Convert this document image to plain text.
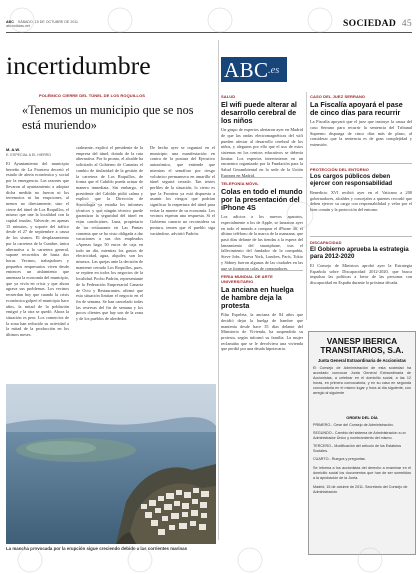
ABC SÁBADO, 15 DE OCTUBRE DE 2011
abcnoticias.net	SOCIEDAD 45
incertidumbre	ABC .es
POLÉMICO CIERRE DEL TÚNEL DE LOS ROQUILLOS
«Tenemos un municipio que se nos está muriendo»
M. A.W.
E. ESPECIAL A EL HIERRO

El Ayuntamiento del municipio herreño de La Frontera decretó el estado de alerta económica y social por la emergencia. Las razones que llevaron al ayuntamiento a adoptar dicha medida no fueron ni los terremotos ni las erupciones, al menos no directamente, sino el cierre del túnel de Los Roquillos, el mismo que une la localidad con la capital insular, Valverde, en apenas 15 minutos, y soporte del tráfico desde el 27 de septiembre a causa de los sismos. El desplazamiento por la carretera de la Cumbre, única alternativa a la carretera general, supone recorridos de hasta dos horas. Vecinos, trabajadores y pequeños empresarios viven desde entonces un aislamiento que amenaza la economía del municipio, que ya vivía en crisis y que ahora agrava sus problemas. Los vecinos recuerdan hoy que cuando la crisis económica golpeó el municipio hace años, la mitad de la población emigró y la otra se quedó. Ahora la situación es peor. Los comercios de la zona han reducido su actividad a la mitad de la producción en los últimos meses.

cialmente, explicó el presidente de la empresa del túnel, dotado de la ruta alternativa. Por lo pronto, el alcalde ha solicitado al Gobierno de Canarias el cambio de titularidad de la gestión de la carretera de Los Roquillos, de forma que el Cabildo pueda actuar de manera inmediata. Sin embargo, el presidente del Cabildo pidió calma y explicó que la Dirección de Sismología ya estudia los informes técnicos y que ningún técnico puede garantizar la seguridad del túnel en estas condiciones. Luna, propietario de un restaurante en Las Puntas comenta que se ha visto obligada a dar vacaciones a sus dos empleados «Apenas hago 50 euros de caja en todo un día, mientras los gastos de electricidad, agua, alquiler, son los mismos. Las quejas ante la decisión de mantener cerrado Los Roquillos, pues, se repiten en todos los negocios de la localidad. Pocho Padrón, representante de la Federación Empresarial Canaria de Ocio y Restaurantes, afirmó que esta situación limitan el negocio en el fin de semana. Se han cancelado todas las reservas del fin de semana y los pocos clientes que hay son de la zona y de los pueblos de alrededor.

De hecho ayer se organizó en el municipio una manifestación en contra de la postura del Ejecutivo autonómico, que entiende que mientras el semáforo por riesgo volcánico permanezca en amarillo el túnel seguirá cerrado. Tan tristes perfiles de la situación, lo cierto es que la Frontera ya está dispuesta a asumir los riesgos que podrían significar la reapertura del túnel para evitar la muerte de su economía. Los vecinos esperan una respuesta. Si el Gobierno canario no reconsidera su postura, temen que el pueblo siga vaciándose, advirtió Padrón.

La mancha provocada por la erupción sigue creciendo debido a las corrientes marinas
EFE
SALUD
El wifi puede alterar al desarrollo cerebral de los niños
Un grupo de expertos alertaron ayer en Madrid de que las ondas electromagnéticas del wifi pueden afectar al desarrollo cerebral de los niños, y alegaron por ello que el uso de estos sistemas en los centros educativos se debería limitar. Los expertos intervinieron en un encuentro organizado por la Fundación para la Salud Geoambiental en la sede de la Unión Europea en Madrid.
TELEFONÍA MÓVIL
Colas en todo el mundo por la presentación del iPhone 4S
Los adictos a los nuevos aparatos, especialmente a los de Apple, se lanzaron ayer en todo el mundo a comprar el iPhone 4S, el último teléfono de la marca de la manzana, que pasó días delante de las tiendas a la espera del lanzamiento del smartphone, tras el fallecimiento del fundador de la compañía, Steve Jobs. Nueva York, Londres, París, Tokio y Sídney fueron algunas de las ciudades en las que se formaron colas de compradores.
FERIA MUNDIAL DE ARTE UNIVERSITARIO
La anciana en huelga de hambre deja la protesta
Pilar Espeleta, la anciana de 84 años que decidió dejar la huelga de hambre que mantenía desde hace 35 días delante del Ministerio de Vivienda, ha suspendido su protesta, según informó su familia. La mujer reclamaba que se le devolviera una vivienda que perdió por una deuda hipotecaria.
CASO DEL JUEZ SERRANO
La Fiscalía apoyará el pase de cinco días para recurrir
La Fiscalía apoyará que el juez que instruye la causa del caso Serrano para recurrir la sentencia del Tribunal Supremo disponga de cinco días más de plazo, al considerar que la sentencia es de gran complejidad y extensión.
PROTECCIÓN DEL ENTORNO
Los cargos públicos deben ejercer con responsabilidad
Benedicto XVI recibió ayer en el Vaticano a 200 gobernadores, alcaldes y concejales a quienes recordó que deben ejercer su cargo con responsabilidad y velar por el bien común y la protección del entorno.
DISCAPACIDAD
El Gobierno aprueba la estrategia para 2012-2020
El Consejo de Ministros aprobó ayer la Estrategia Española sobre Discapacidad 2012-2020, que busca impulsar las políticas a favor de las personas con discapacidad en España durante la próxima década.
VANESP IBERICA TRANSITARIOS, S.A.
Junta General Extraordinaria de Accionistas
El Consejo de Administración de esta sociedad ha acordado convocar Junta General Extraordinaria de Accionistas, a celebrar en el domicilio social, a las 12 horas, en primera convocatoria, y en su caso en segunda convocatoria en el mismo lugar y hora al día siguiente, con arreglo al siguiente
ORDEN DEL DÍA
PRIMERO.- Cese del Consejo de Administración.
SEGUNDO.- Cambio del sistema de Administración a un Administrador Único y nombramiento del mismo.
TERCERO.- Modificación del artículo de los Estatutos Sociales.
CUARTO.- Ruegos y preguntas.
Se informa a los accionistas del derecho a examinar en el domicilio social los documentos que han de ser sometidos a la aprobación de la Junta.
Madrid, 15 de octubre de 2011. Secretario del Consejo de Administración.
